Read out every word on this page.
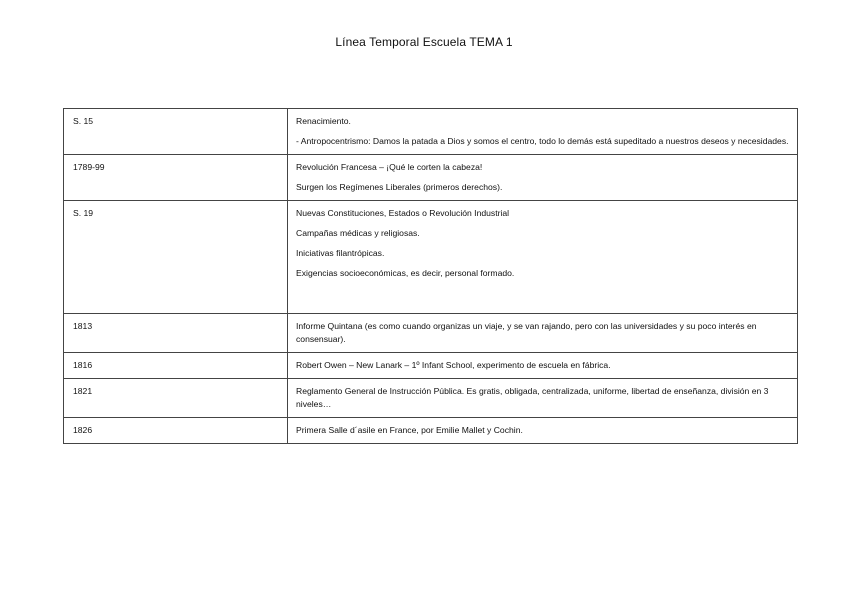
Línea Temporal Escuela TEMA 1
S. 15	Renacimiento.
- Antropocentrismo: Damos la patada a Dios y somos el centro, todo lo demás está supeditado a nuestros deseos y necesidades.

1789-99	Revolución Francesa – ¡Qué le corten la cabeza!
Surgen los Regímenes Liberales (primeros derechos).

S. 19	Nuevas Constituciones, Estados o Revolución Industrial
Campañas médicas y religiosas.
Iniciativas filantrópicas.
Exigencias socioeconómicas, es decir, personal formado.

1813	Informe Quintana (es como cuando organizas un viaje, y se van rajando, pero con las universidades y su poco interés en consensuar).

1816	Robert Owen – New Lanark – 1º Infant School, experimento de escuela en fábrica.

1821	Reglamento General de Instrucción Pública. Es gratis, obligada, centralizada, uniforme, libertad de enseñanza, división en 3 niveles…

1826	Primera Salle d´asile en France, por Emilie Mallet y Cochin.
